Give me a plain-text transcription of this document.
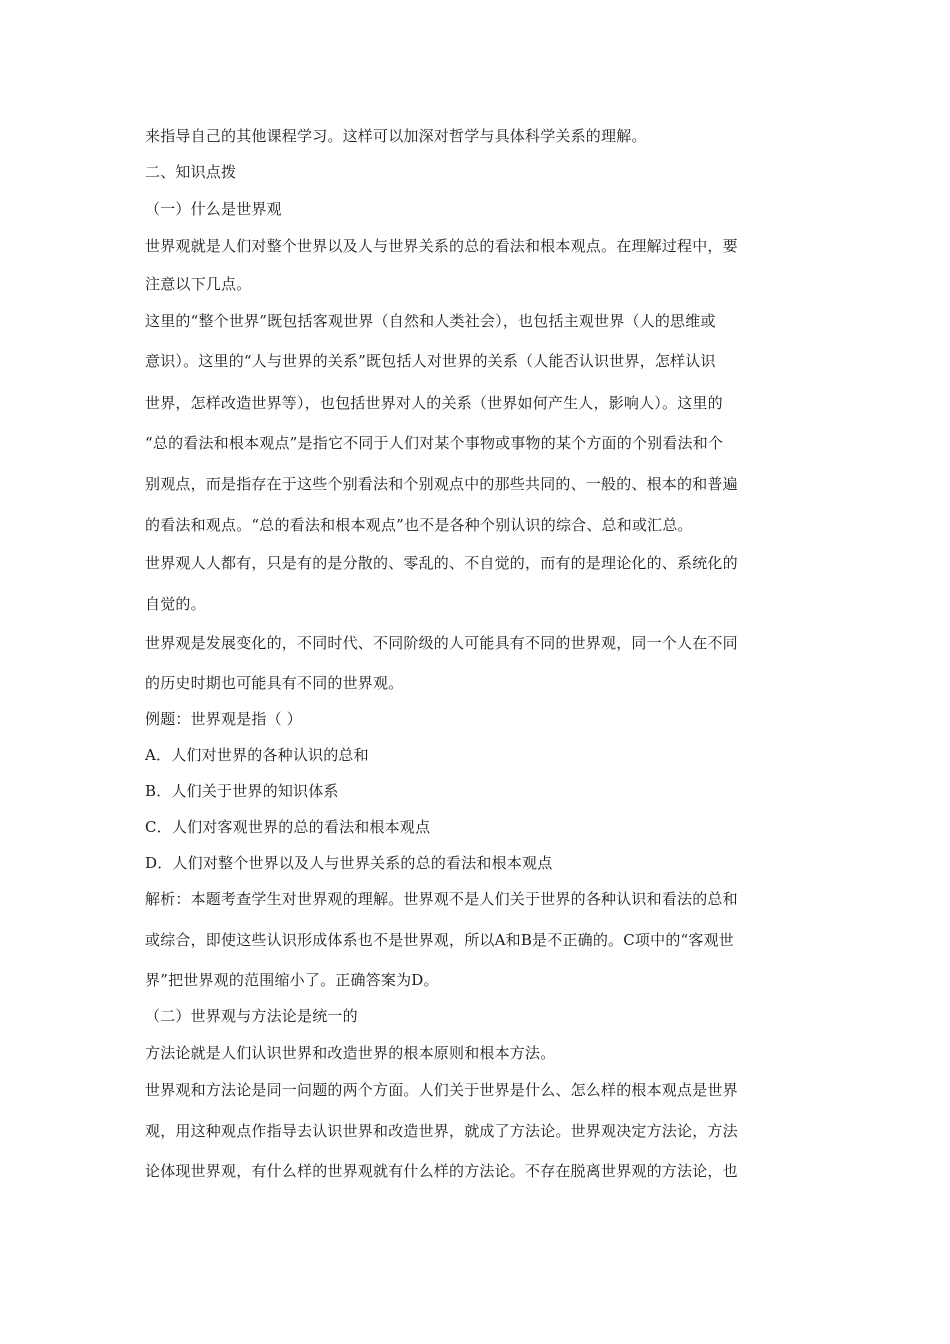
来指导自己的其他课程学习。这样可以加深对哲学与具体科学关系的理解。
二、知识点拨
（一）什么是世界观
世界观就是人们对整个世界以及人与世界关系的总的看法和根本观点。在理解过程中，要
注意以下几点。
这里的“整个世界”既包括客观世界（自然和人类社会），也包括主观世界（人的思维或
意识）。这里的“人与世界的关系”既包括人对世界的关系（人能否认识世界，怎样认识
世界，怎样改造世界等），也包括世界对人的关系（世界如何产生人，影响人）。这里的
“总的看法和根本观点”是指它不同于人们对某个事物或事物的某个方面的个别看法和个
别观点，而是指存在于这些个别看法和个别观点中的那些共同的、一般的、根本的和普遍
的看法和观点。“总的看法和根本观点”也不是各种个别认识的综合、总和或汇总。
世界观人人都有，只是有的是分散的、零乱的、不自觉的，而有的是理论化的、系统化的
自觉的。
世界观是发展变化的，不同时代、不同阶级的人可能具有不同的世界观，同一个人在不同
的历史时期也可能具有不同的世界观。
例题：世界观是指（ ）
A．人们对世界的各种认识的总和
B．人们关于世界的知识体系
C．人们对客观世界的总的看法和根本观点
D．人们对整个世界以及人与世界关系的总的看法和根本观点
解析：本题考查学生对世界观的理解。世界观不是人们关于世界的各种认识和看法的总和
或综合，即使这些认识形成体系也不是世界观，所以A和B是不正确的。C项中的“客观世
界”把世界观的范围缩小了。正确答案为D。
（二）世界观与方法论是统一的
方法论就是人们认识世界和改造世界的根本原则和根本方法。
世界观和方法论是同一问题的两个方面。人们关于世界是什么、怎么样的根本观点是世界
观，用这种观点作指导去认识世界和改造世界，就成了方法论。世界观决定方法论，方法
论体现世界观，有什么样的世界观就有什么样的方法论。不存在脱离世界观的方法论，也
